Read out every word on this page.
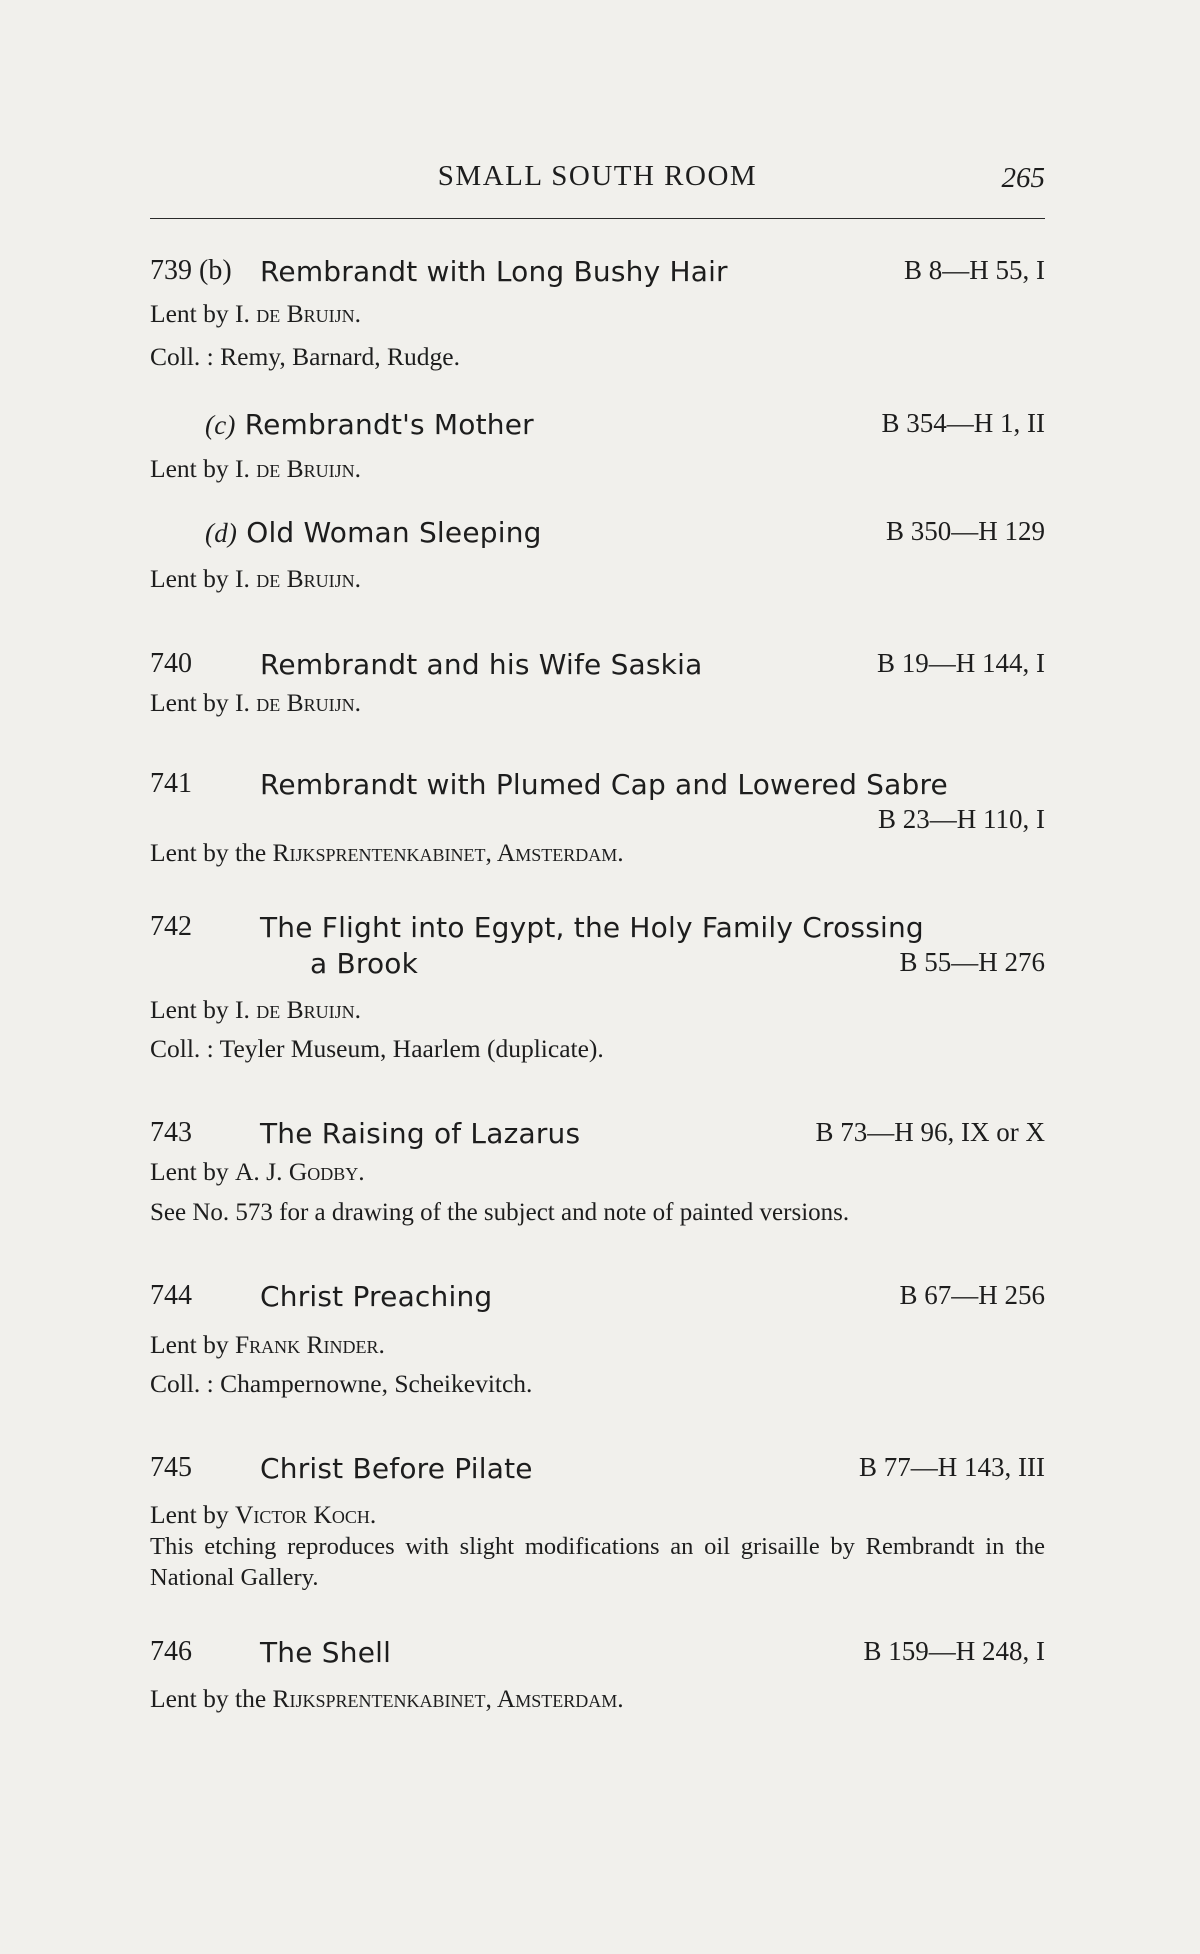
SMALL SOUTH ROOM	265
739 (b) Rembrandt with Long Bushy Hair	B 8—H 55, I
Lent by I. de Bruijn.
Coll. : Remy, Barnard, Rudge.
(c) Rembrandt's Mother	B 354—H 1, II
Lent by I. de Bruijn.
(d) Old Woman Sleeping	B 350—H 129
Lent by I. de Bruijn.
740 Rembrandt and his Wife Saskia	B 19—H 144, I
Lent by I. de Bruijn.
741 Rembrandt with Plumed Cap and Lowered Sabre
B 23—H 110, I
Lent by the Rijksprentenkabinet, Amsterdam.
742 The Flight into Egypt, the Holy Family Crossing
a Brook	B 55—H 276
Lent by I. de Bruijn.
Coll. : Teyler Museum, Haarlem (duplicate).
743 The Raising of Lazarus	B 73—H 96, IX or X
Lent by A. J. Godby.
See No. 573 for a drawing of the subject and note of painted versions.
744 Christ Preaching	B 67—H 256
Lent by Frank Rinder.
Coll. : Champernowne, Scheikevitch.
745 Christ Before Pilate	B 77—H 143, III
Lent by Victor Koch.
This etching reproduces with slight modifications an oil grisaille by Rembrandt in the National Gallery.
746 The Shell	B 159—H 248, I
Lent by the Rijksprentenkabinet, Amsterdam.
